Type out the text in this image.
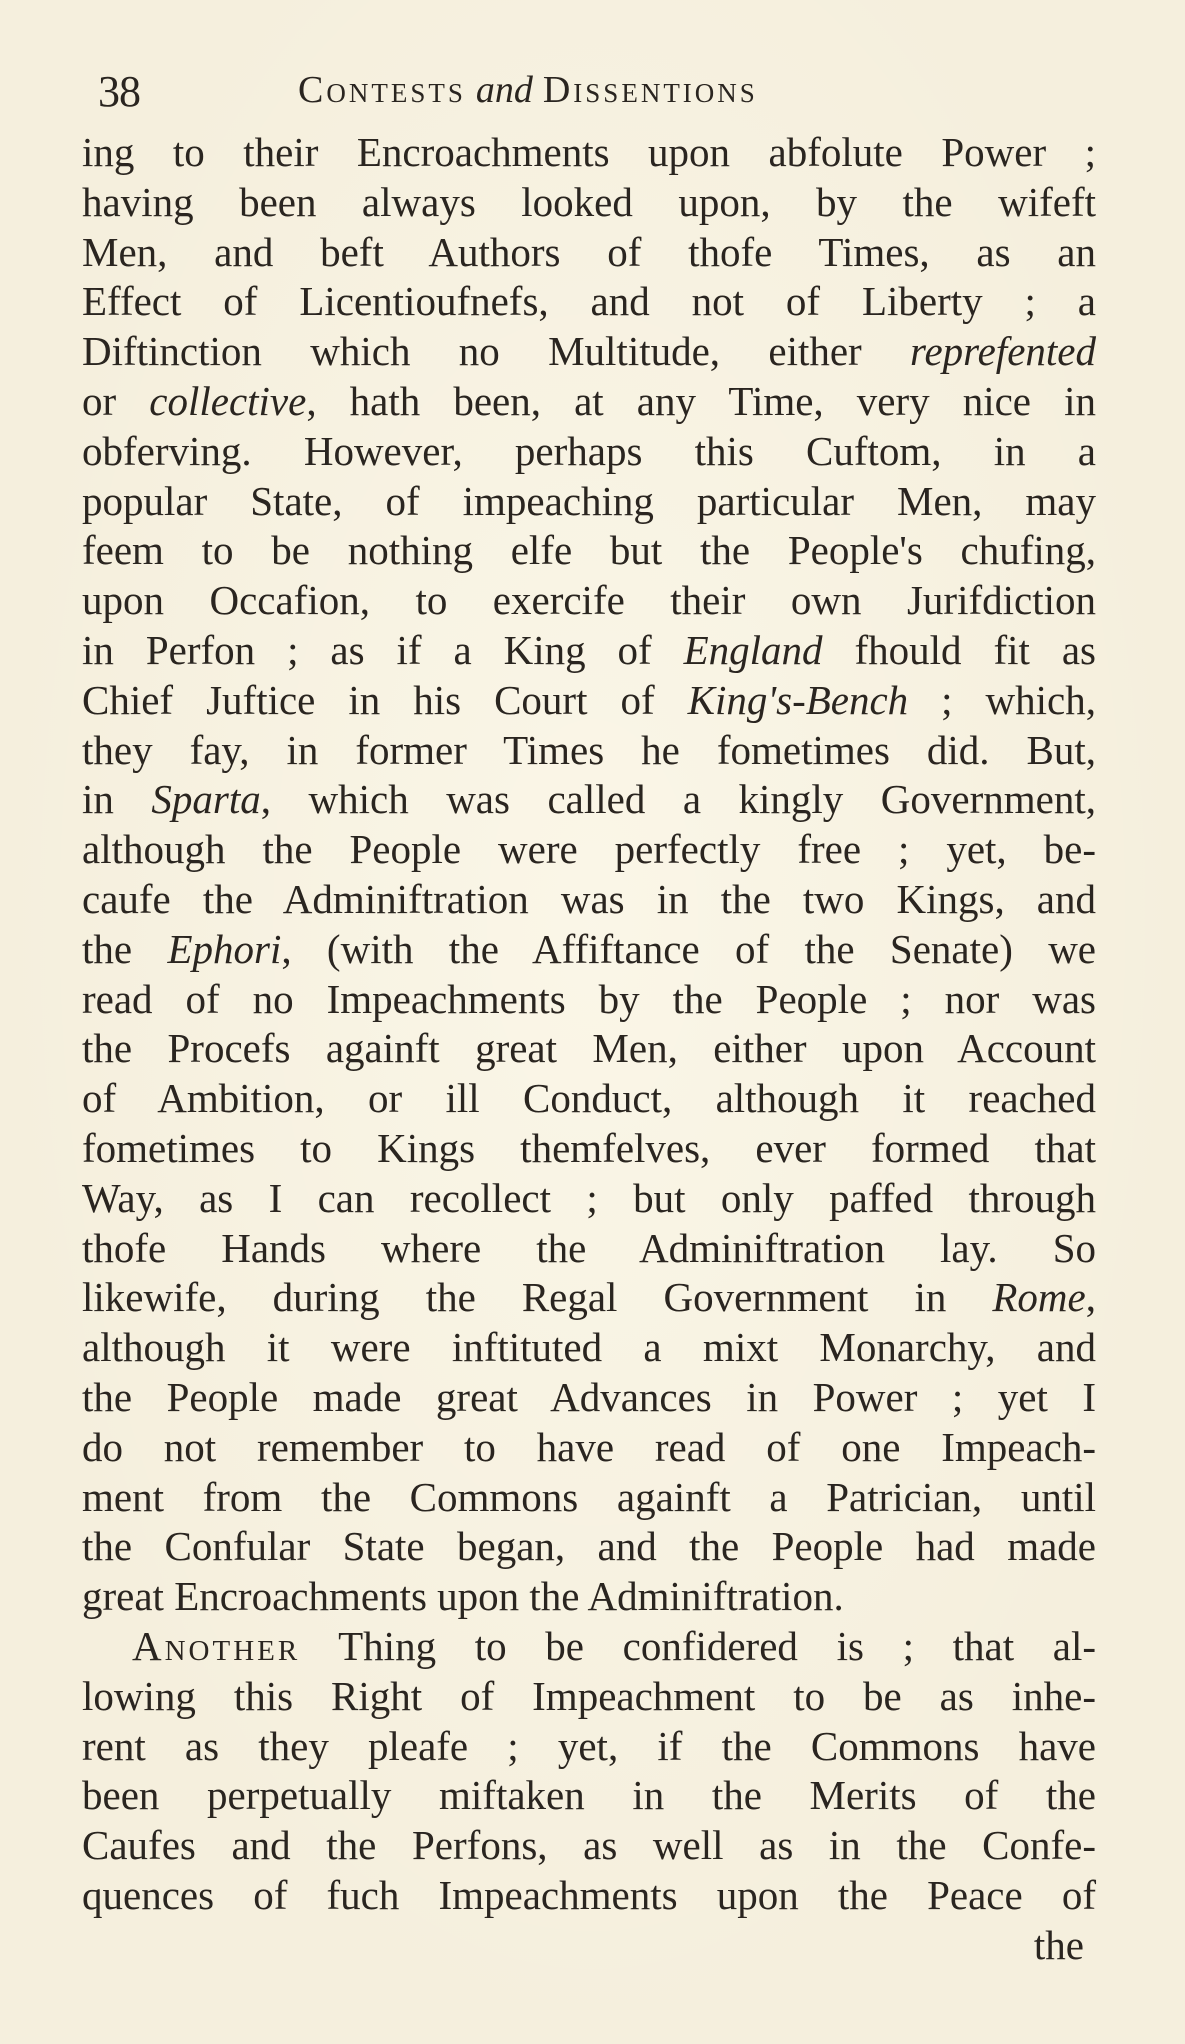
38	Contests and Dissentions
ing to their Encroachments upon abfolute Power ;
having been always looked upon, by the wifeft
Men, and beft Authors of thofe Times, as an
Effect of Licentioufnefs, and not of Liberty ; a
Diftinction which no Multitude, either reprefented
or collective, hath been, at any Time, very nice in
obferving. However, perhaps this Cuftom, in a
popular State, of impeaching particular Men, may
feem to be nothing elfe but the People's chufing,
upon Occafion, to exercife their own Jurifdiction
in Perfon ; as if a King of England fhould fit as
Chief Juftice in his Court of King's-Bench ; which,
they fay, in former Times he fometimes did. But,
in Sparta, which was called a kingly Government,
although the People were perfectly free ; yet, be-
caufe the Adminiftration was in the two Kings, and
the Ephori, (with the Affiftance of the Senate) we
read of no Impeachments by the People ; nor was
the Procefs againft great Men, either upon Account
of Ambition, or ill Conduct, although it reached
fometimes to Kings themfelves, ever formed that
Way, as I can recollect ; but only paffed through
thofe Hands where the Adminiftration lay. So
likewife, during the Regal Government in Rome,
although it were inftituted a mixt Monarchy, and
the People made great Advances in Power ; yet I
do not remember to have read of one Impeach-
ment from the Commons againft a Patrician, until
the Confular State began, and the People had made
great Encroachments upon the Adminiftration.
Another Thing to be confidered is ; that al-
lowing this Right of Impeachment to be as inhe-
rent as they pleafe ; yet, if the Commons have
been perpetually miftaken in the Merits of the
Caufes and the Perfons, as well as in the Confe-
quences of fuch Impeachments upon the Peace of
the
